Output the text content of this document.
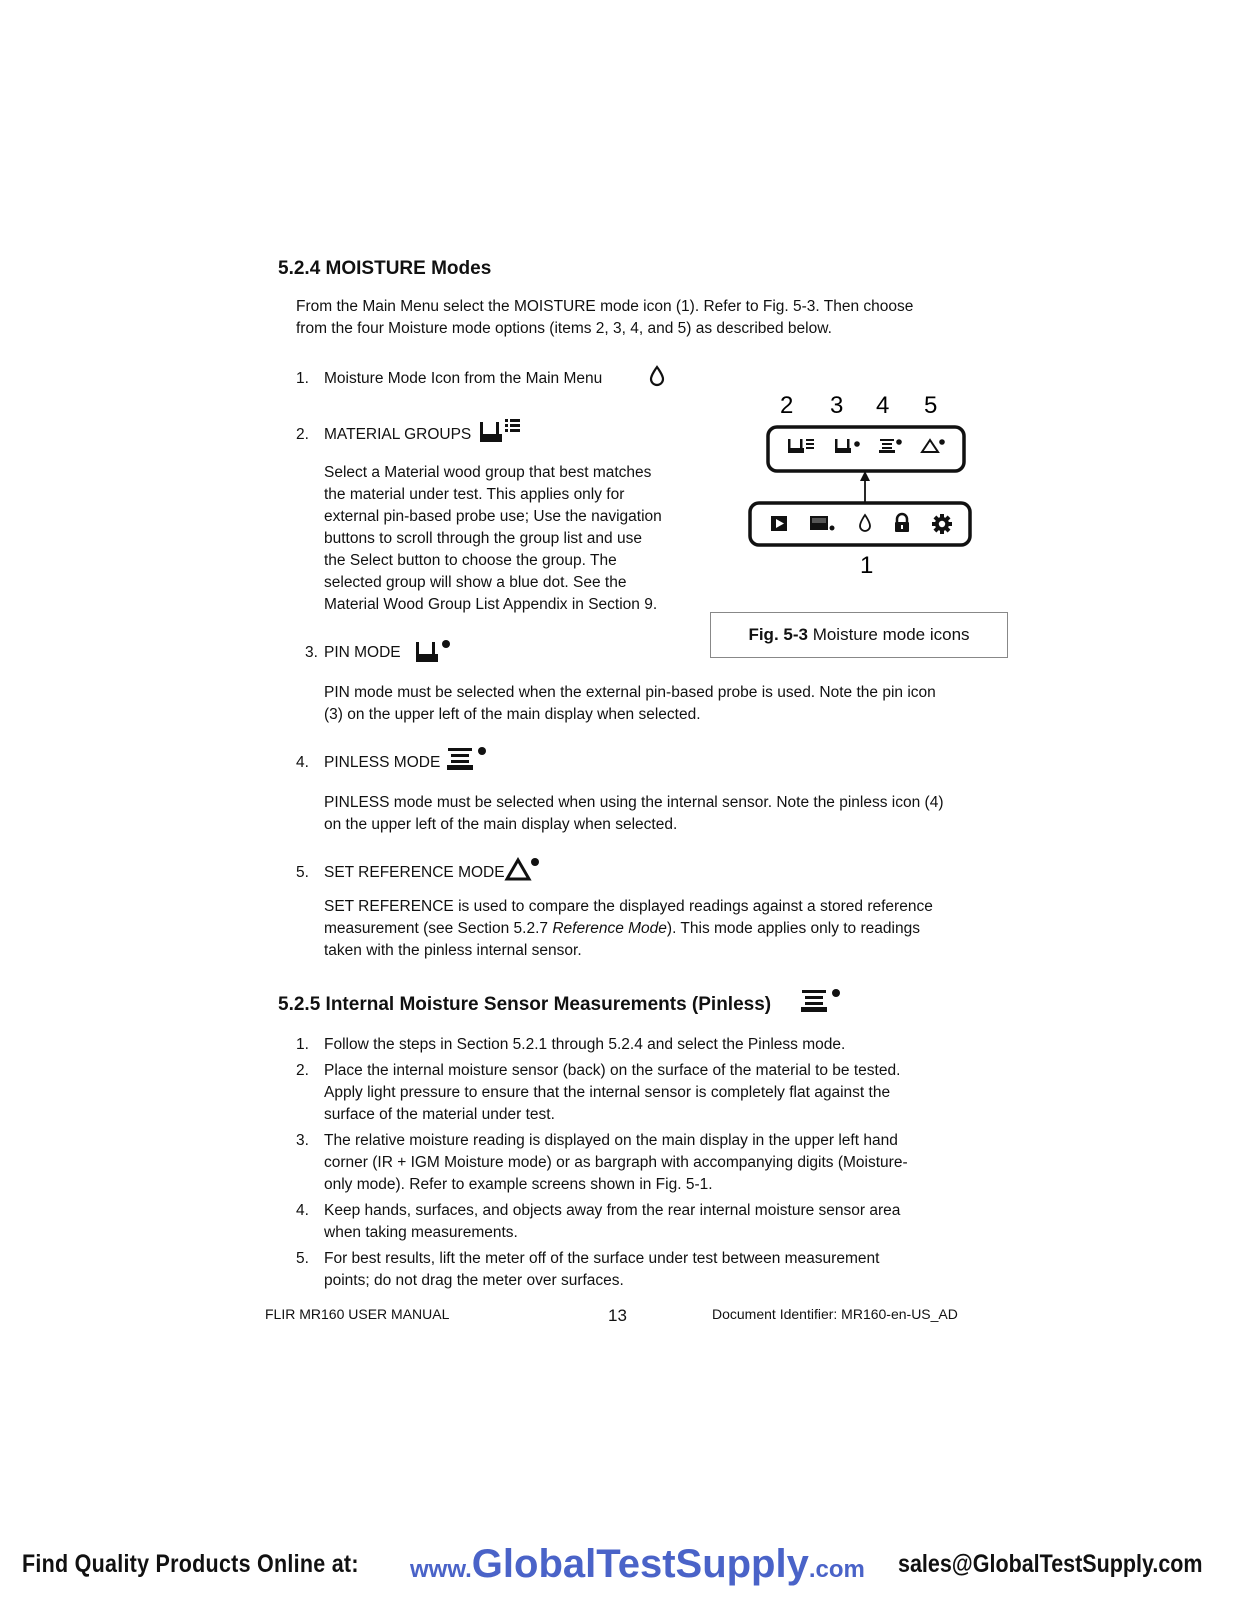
5.2.4 MOISTURE Modes
From the Main Menu select the MOISTURE mode icon (1). Refer to Fig. 5-3. Then choose
from the four Moisture mode options (items 2, 3, 4, and 5) as described below.
1. Moisture Mode Icon from the Main Menu
2. MATERIAL GROUPS
Select a Material wood group that best matches
the material under test. This applies only for
external pin-based probe use; Use the navigation
buttons to scroll through the group list and use
the Select button to choose the group. The
selected group will show a blue dot. See the
Material Wood Group List Appendix in Section 9.
2 3 4 5
1
Fig. 5-3 Moisture mode icons
3. PIN MODE
PIN mode must be selected when the external pin-based probe is used. Note the pin icon
(3) on the upper left of the main display when selected.
4. PINLESS MODE
PINLESS mode must be selected when using the internal sensor. Note the pinless icon (4)
on the upper left of the main display when selected.
5. SET REFERENCE MODE
SET REFERENCE is used to compare the displayed readings against a stored reference
measurement (see Section 5.2.7 Reference Mode). This mode applies only to readings
taken with the pinless internal sensor.
5.2.5 Internal Moisture Sensor Measurements (Pinless)
1. Follow the steps in Section 5.2.1 through 5.2.4 and select the Pinless mode.
2. Place the internal moisture sensor (back) on the surface of the material to be tested.
Apply light pressure to ensure that the internal sensor is completely flat against the
surface of the material under test.
3. The relative moisture reading is displayed on the main display in the upper left hand
corner (IR + IGM Moisture mode) or as bargraph with accompanying digits (Moisture-
only mode). Refer to example screens shown in Fig. 5-1.
4. Keep hands, surfaces, and objects away from the rear internal moisture sensor area
when taking measurements.
5. For best results, lift the meter off of the surface under test between measurement
points; do not drag the meter over surfaces.
FLIR MR160 USER MANUAL	13	Document Identifier: MR160-en-US_AD
Find Quality Products Online at: www.GlobalTestSupply.com sales@GlobalTestSupply.com
